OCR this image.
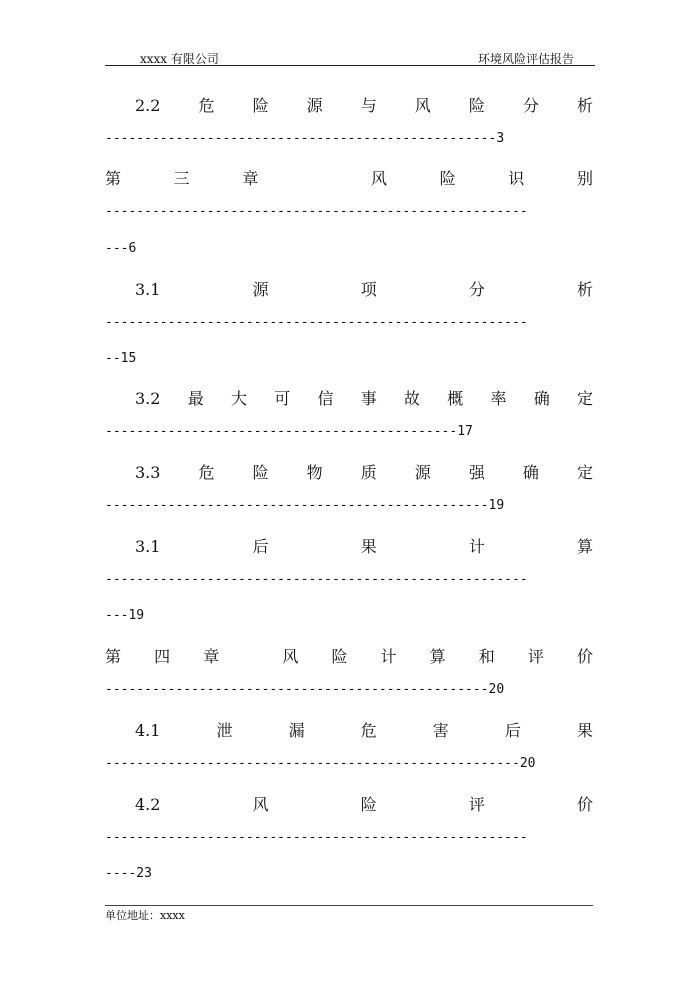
xxxx 有限公司	环境风险评估报告
2.2 危 险 源 与 风 险 分 析
--------------------------------------------------3
第	三	章	风	险	识	别
------------------------------------------------------
---6
3.1	源	项	分	析
------------------------------------------------------
--15
3.2 最 大 可 信 事 故 概 率 确 定
---------------------------------------------17
3.3 危 险 物 质 源 强 确 定
-------------------------------------------------19
3.1	后	果	计	算
------------------------------------------------------
---19
第 四 章	风 险 计 算 和 评 价
-------------------------------------------------20
4.1	泄	漏	危	害	后	果
-----------------------------------------------------20
4.2	风	险	评	价
------------------------------------------------------
----23
单位地址：xxxx
